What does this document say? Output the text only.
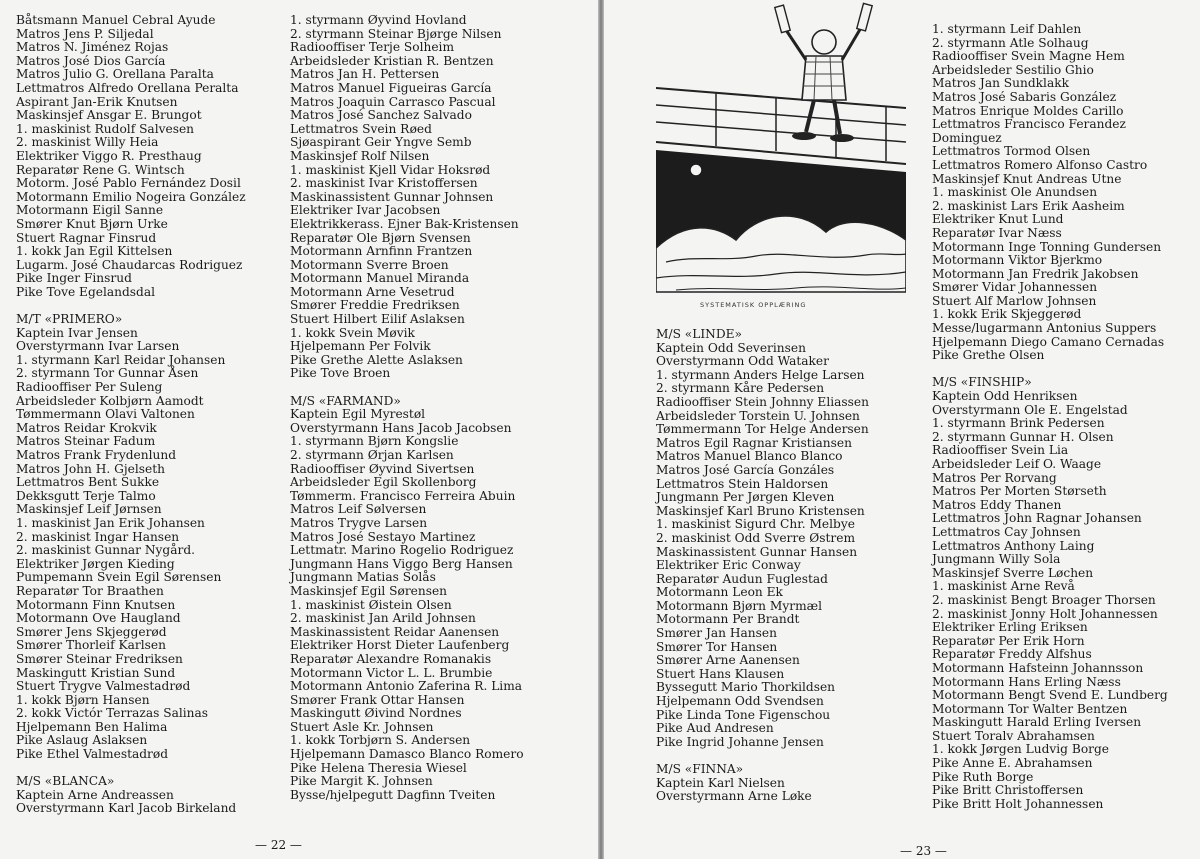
Båtsmann Manuel Cebral Ayude
Matros Jens P. Siljedal
Matros N. Jiménez Rojas
Matros José Dios García
Matros Julio G. Orellana Paralta
Lettmatros Alfredo Orellana Peralta
Aspirant Jan-Erik Knutsen
Maskinsjef Ansgar E. Brungot
1. maskinist Rudolf Salvesen
2. maskinist Willy Heia
Elektriker Viggo R. Presthaug
Reparatør Rene G. Wintsch
Motorm. José Pablo Fernández Dosil
Motormann Emilio Nogeira González
Motormann Eigil Sanne
Smører Knut Bjørn Urke
Stuert Ragnar Finsrud
1. kokk Jan Egil Kittelsen
Lugarm. José Chaudarcas Rodriguez
Pike Inger Finsrud
Pike Tove Egelandsdal
M/T «PRIMERO»
Kaptein Ivar Jensen
Overstyrmann Ivar Larsen
1. styrmann Karl Reidar Johansen
2. styrmann Tor Gunnar Åsen
Radiooffiser Per Suleng
Arbeidsleder Kolbjørn Aamodt
Tømmermann Olavi Valtonen
Matros Reidar Krokvik
Matros Steinar Fadum
Matros Frank Frydenlund
Matros John H. Gjelseth
Lettmatros Bent Sukke
Dekksgutt Terje Talmo
Maskinsjef Leif Jørnsen
1. maskinist Jan Erik Johansen
2. maskinist Ingar Hansen
2. maskinist Gunnar Nygård.
Elektriker Jørgen Kieding
Pumpemann Svein Egil Sørensen
Reparatør Tor Braathen
Motormann Finn Knutsen
Motormann Ove Haugland
Smører Jens Skjeggerød
Smører Thorleif Karlsen
Smører Steinar Fredriksen
Maskingutt Kristian Sund
Stuert Trygve Valmestadrød
1. kokk Bjørn Hansen
2. kokk Victór Terrazas Salinas
Hjelpemann Ben Halima
Pike Aslaug Aslaksen
Pike Ethel Valmestadrød
M/S «BLANCA»
Kaptein Arne Andreassen
Overstyrmann Karl Jacob Birkeland
1. styrmann Øyvind Hovland
2. styrmann Steinar Bjørge Nilsen
Radiooffiser Terje Solheim
Arbeidsleder Kristian R. Bentzen
Matros Jan H. Pettersen
Matros Manuel Figueiras García
Matros Joaquin Carrasco Pascual
Matros José Sanchez Salvado
Lettmatros Svein Røed
Sjøaspirant Geir Yngve Semb
Maskinsjef Rolf Nilsen
1. maskinist Kjell Vidar Hoksrød
2. maskinist Ivar Kristoffersen
Maskinassistent Gunnar Johnsen
Elektriker Ivar Jacobsen
Elektrikkerass. Ejner Bak-Kristensen
Reparatør Ole Bjørn Svensen
Motormann Arnfinn Frantzen
Motormann Sverre Broen
Motormann Manuel Miranda
Motormann Arne Vesetrud
Smører Freddie Fredriksen
Stuert Hilbert Eilif Aslaksen
1. kokk Svein Møvik
Hjelpemann Per Folvik
Pike Grethe Alette Aslaksen
Pike Tove Broen
M/S «FARMAND»
Kaptein Egil Myrestøl
Overstyrmann Hans Jacob Jacobsen
1. styrmann Bjørn Kongslie
2. styrmann Ørjan Karlsen
Radiooffiser Øyvind Sivertsen
Arbeidsleder Egil Skollenborg
Tømmerm. Francisco Ferreira Abuin
Matros Leif Sølversen
Matros Trygve Larsen
Matros José Sestayo Martinez
Lettmatr. Marino Rogelio Rodriguez
Jungmann Hans Viggo Berg Hansen
Jungmann Matias Solås
Maskinsjef Egil Sørensen
1. maskinist Øistein Olsen
2. maskinist Jan Arild Johnsen
Maskinassistent Reidar Aanensen
Elektriker Horst Dieter Laufenberg
Reparatør Alexandre Romanakis
Motormann Victor L. L. Brumbie
Motormann Antonio Zaferina R. Lima
Smører Frank Ottar Hansen
Maskingutt Øivind Nordnes
Stuert Asle Kr. Johnsen
1. kokk Torbjørn S. Andersen
Hjelpemann Damasco Blanco Romero
Pike Helena Theresia Wiesel
Pike Margit K. Johnsen
Bysse/hjelpegutt Dagfinn Tveiten
— 22 —
SYSTEMATISK OPPLÆRING
M/S «LINDE»
Kaptein Odd Severinsen
Overstyrmann Odd Wataker
1. styrmann Anders Helge Larsen
2. styrmann Kåre Pedersen
Radiooffiser Stein Johnny Eliassen
Arbeidsleder Torstein U. Johnsen
Tømmermann Tor Helge Andersen
Matros Egil Ragnar Kristiansen
Matros Manuel Blanco Blanco
Matros José García Gonzáles
Lettmatros Stein Haldorsen
Jungmann Per Jørgen Kleven
Maskinsjef Karl Bruno Kristensen
1. maskinist Sigurd Chr. Melbye
2. maskinist Odd Sverre Østrem
Maskinassistent Gunnar Hansen
Elektriker Eric Conway
Reparatør Audun Fuglestad
Motormann Leon Ek
Motormann Bjørn Myrmæl
Motormann Per Brandt
Smører Jan Hansen
Smører Tor Hansen
Smører Arne Aanensen
Stuert Hans Klausen
Byssegutt Mario Thorkildsen
Hjelpemann Odd Svendsen
Pike Linda Tone Figenschou
Pike Aud Andresen
Pike Ingrid Johanne Jensen
M/S «FINNA»
Kaptein Karl Nielsen
Overstyrmann Arne Løke
1. styrmann Leif Dahlen
2. styrmann Atle Solhaug
Radiooffiser Svein Magne Hem
Arbeidsleder Sestilio Ghio
Matros Jan Sundklakk
Matros José Sabaris González
Matros Enrique Moldes Carillo
Lettmatros Francisco Ferandez
Dominguez
Lettmatros Tormod Olsen
Lettmatros Romero Alfonso Castro
Maskinsjef Knut Andreas Utne
1. maskinist Ole Anundsen
2. maskinist Lars Erik Aasheim
Elektriker Knut Lund
Reparatør Ivar Næss
Motormann Inge Tonning Gundersen
Motormann Viktor Bjerkmo
Motormann Jan Fredrik Jakobsen
Smører Vidar Johannessen
Stuert Alf Marlow Johnsen
1. kokk Erik Skjeggerød
Messe/lugarmann Antonius Suppers
Hjelpemann Diego Camano Cernadas
Pike Grethe Olsen
M/S «FINSHIP»
Kaptein Odd Henriksen
Overstyrmann Ole E. Engelstad
1. styrmann Brink Pedersen
2. styrmann Gunnar H. Olsen
Radiooffiser Svein Lia
Arbeidsleder Leif O. Waage
Matros Per Rorvang
Matros Per Morten Størseth
Matros Eddy Thanen
Lettmatros John Ragnar Johansen
Lettmatros Cay Johnsen
Lettmatros Anthony Laing
Jungmann Willy Sola
Maskinsjef Sverre Løchen
1. maskinist Arne Revå
2. maskinist Bengt Broager Thorsen
2. maskinist Jonny Holt Johannessen
Elektriker Erling Eriksen
Reparatør Per Erik Horn
Reparatør Freddy Alfshus
Motormann Hafsteinn Johannsson
Motormann Hans Erling Næss
Motormann Bengt Svend E. Lundberg
Motormann Tor Walter Bentzen
Maskingutt Harald Erling Iversen
Stuert Toralv Abrahamsen
1. kokk Jørgen Ludvig Borge
Pike Anne E. Abrahamsen
Pike Ruth Borge
Pike Britt Christoffersen
Pike Britt Holt Johannessen
— 23 —
